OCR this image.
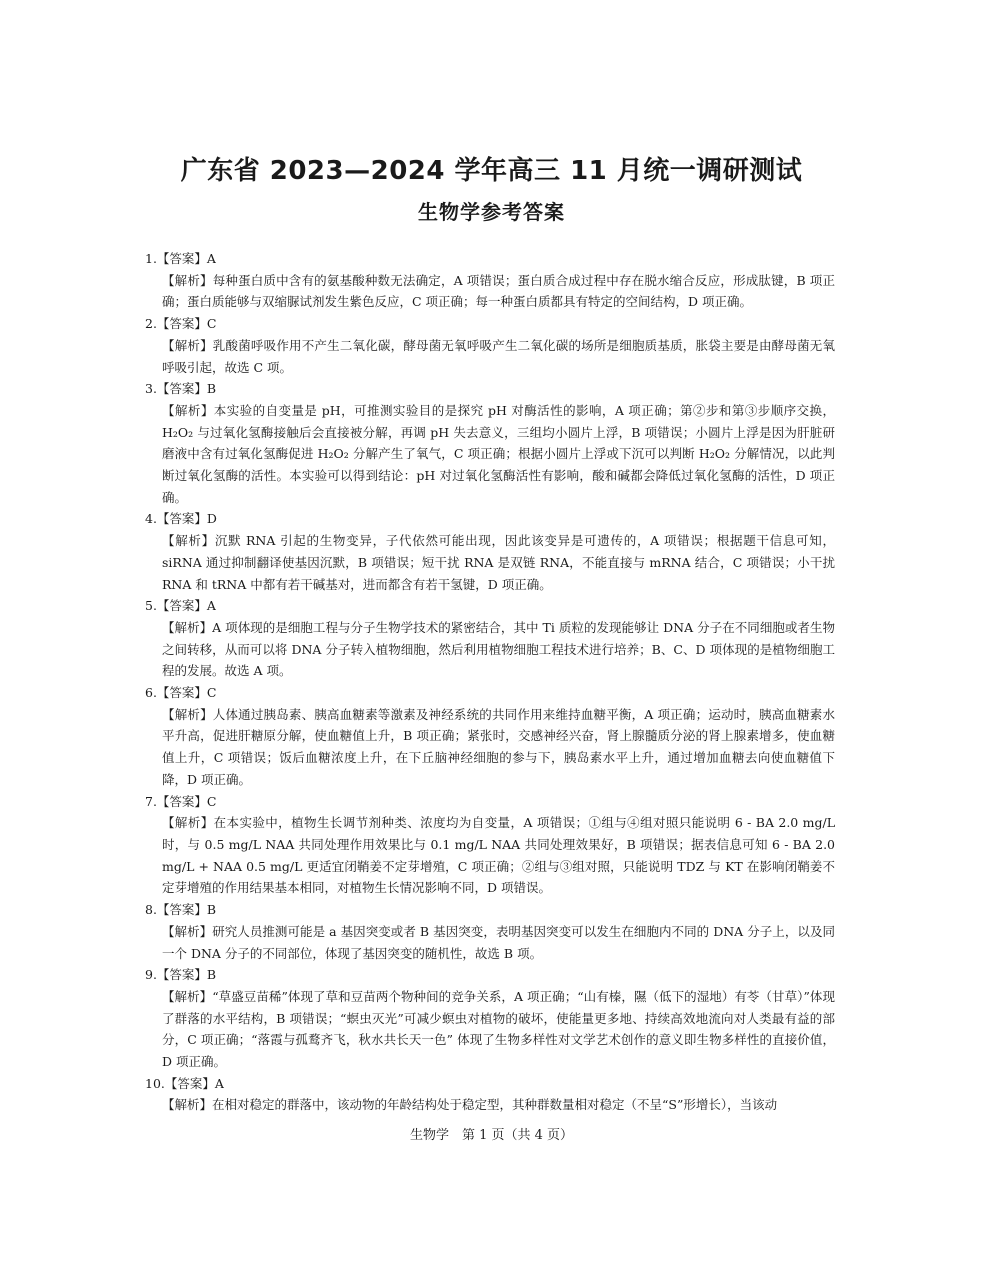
广东省 2023—2024 学年高三 11 月统一调研测试
生物学参考答案

1.【答案】A

【解析】每种蛋白质中含有的氨基酸种数无法确定，A 项错误；蛋白质合成过程中存在脱水缩合反应，形成肽键，B 项正确；蛋白质能够与双缩脲试剂发生紫色反应，C 项正确；每一种蛋白质都具有特定的空间结构，D 项正确。

2.【答案】C

【解析】乳酸菌呼吸作用不产生二氧化碳，酵母菌无氧呼吸产生二氧化碳的场所是细胞质基质，胀袋主要是由酵母菌无氧呼吸引起，故选 C 项。

3.【答案】B

【解析】本实验的自变量是 pH，可推测实验目的是探究 pH 对酶活性的影响，A 项正确；第②步和第③步顺序交换，H₂O₂ 与过氧化氢酶接触后会直接被分解，再调 pH 失去意义，三组均小圆片上浮，B 项错误；小圆片上浮是因为肝脏研磨液中含有过氧化氢酶促进 H₂O₂ 分解产生了氧气，C 项正确；根据小圆片上浮或下沉可以判断 H₂O₂ 分解情况，以此判断过氧化氢酶的活性。本实验可以得到结论：pH 对过氧化氢酶活性有影响，酸和碱都会降低过氧化氢酶的活性，D 项正确。

4.【答案】D

【解析】沉默 RNA 引起的生物变异，子代依然可能出现，因此该变异是可遗传的，A 项错误；根据题干信息可知，siRNA 通过抑制翻译使基因沉默，B 项错误；短干扰 RNA 是双链 RNA，不能直接与 mRNA 结合，C 项错误；小干扰 RNA 和 tRNA 中都有若干碱基对，进而都含有若干氢键，D 项正确。

5.【答案】A

【解析】A 项体现的是细胞工程与分子生物学技术的紧密结合，其中 Ti 质粒的发现能够让 DNA 分子在不同细胞或者生物之间转移，从而可以将 DNA 分子转入植物细胞，然后利用植物细胞工程技术进行培养；B、C、D 项体现的是植物细胞工程的发展。故选 A 项。

6.【答案】C

【解析】人体通过胰岛素、胰高血糖素等激素及神经系统的共同作用来维持血糖平衡，A 项正确；运动时，胰高血糖素水平升高，促进肝糖原分解，使血糖值上升，B 项正确；紧张时，交感神经兴奋，肾上腺髓质分泌的肾上腺素增多，使血糖值上升，C 项错误；饭后血糖浓度上升，在下丘脑神经细胞的参与下，胰岛素水平上升，通过增加血糖去向使血糖值下降，D 项正确。

7.【答案】C

【解析】在本实验中，植物生长调节剂种类、浓度均为自变量，A 项错误；①组与④组对照只能说明 6 - BA 2.0 mg/L时，与 0.5 mg/L NAA 共同处理作用效果比与 0.1 mg/L NAA 共同处理效果好，B 项错误；据表信息可知 6 - BA 2.0 mg/L + NAA 0.5 mg/L 更适宜闭鞘姜不定芽增殖，C 项正确；②组与③组对照，只能说明 TDZ 与 KT 在影响闭鞘姜不定芽增殖的作用结果基本相同，对植物生长情况影响不同，D 项错误。

8.【答案】B

【解析】研究人员推测可能是 a 基因突变或者 B 基因突变，表明基因突变可以发生在细胞内不同的 DNA 分子上，以及同一个 DNA 分子的不同部位，体现了基因突变的随机性，故选 B 项。

9.【答案】B

【解析】“草盛豆苗稀”体现了草和豆苗两个物种间的竞争关系，A 项正确；“山有榛，隰（低下的湿地）有苓（甘草）”体现了群落的水平结构，B 项错误；“螟虫灭光”可减少螟虫对植物的破坏，使能量更多地、持续高效地流向对人类最有益的部分，C 项正确；“落霞与孤鹜齐飞，秋水共长天一色” 体现了生物多样性对文学艺术创作的意义即生物多样性的直接价值，D 项正确。

10.【答案】A

【解析】在相对稳定的群落中，该动物的年龄结构处于稳定型，其种群数量相对稳定（不呈“S”形增长），当该动

生物学　第 1 页（共 4 页）
